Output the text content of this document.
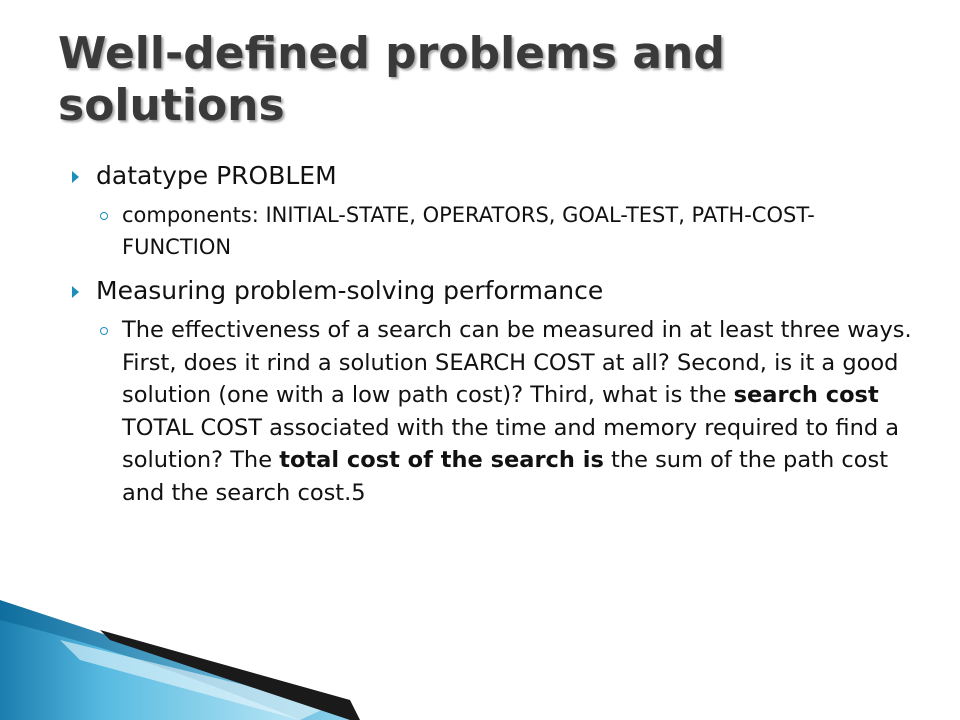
Well-defined problems and
solutions
datatype PROBLEM
components: INITIAL-STATE, OPERATORS, GOAL-TEST, PATH-COST-FUNCTION
Measuring problem-solving performance
The effectiveness of a search can be measured in at least three ways. First, does it rind a solution SEARCH COST at all? Second, is it a good solution (one with a low path cost)? Third, what is the search cost TOTAL COST associated with the time and memory required to find a solution? The total cost of the search is the sum of the path cost and the search cost.5
